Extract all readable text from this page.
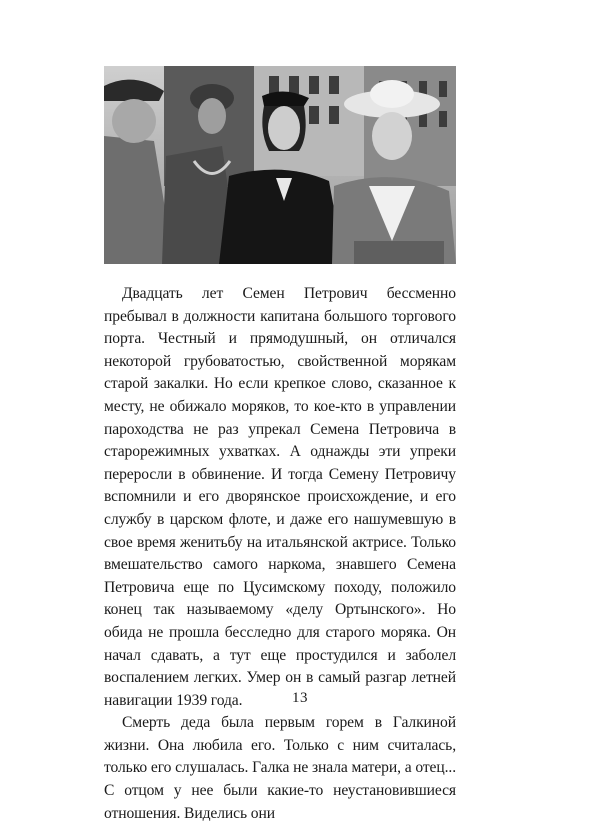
Двадцать лет Семен Петрович бессменно пребывал в должности капитана большого торгового порта. Честный и прямодушный, он отличался некоторой грубоватостью, свойственной морякам старой закалки. Но если крепкое слово, сказанное к месту, не обижало моряков, то кое-кто в управлении пароходства не раз упрекал Семена Петровича в старорежимных ухватках. А однажды эти упреки переросли в обвинение. И тогда Семену Петровичу вспомнили и его дворянское происхождение, и его службу в царском флоте, и даже его нашумевшую в свое время женитьбу на итальянской актрисе. Только вмешательство самого наркома, знавшего Семена Петровича еще по Цусимскому походу, положило конец так называемому «делу Ортынского». Но обида не прошла бесследно для старого моряка. Он начал сдавать, а тут еще простудился и заболел воспалением легких. Умер он в самый разгар летней навигации 1939 года.

Смерть деда была первым горем в Галкиной жизни. Она любила его. Только с ним считалась, только его слушалась. Галка не знала матери, а отец... С отцом у нее были какие-то неустановившиеся отношения. Виделись они

13
